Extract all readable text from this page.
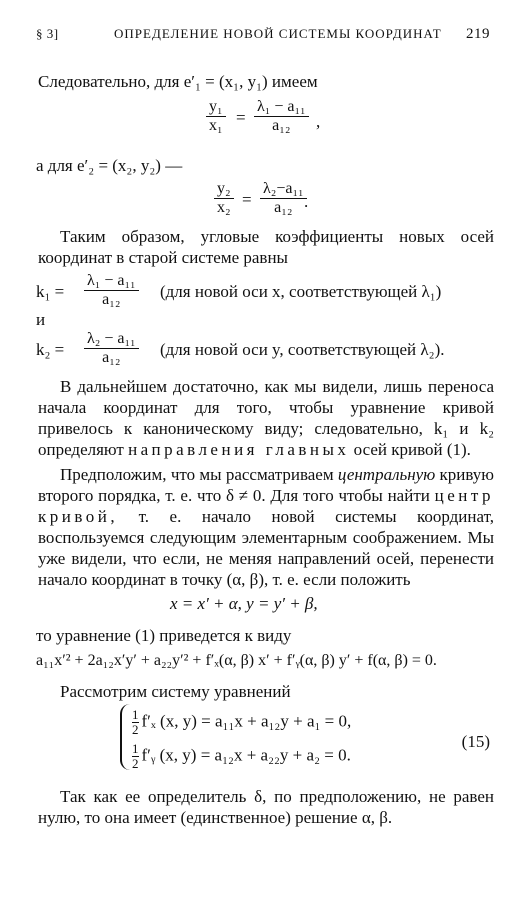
§ 3]	ОПРЕДЕЛЕНИЕ НОВОЙ СИСТЕМЫ КООРДИНАТ 219
Следовательно, для e′₁ = (x₁, y₁) имеем
$\frac{\text{y₁}}{\text{x₁}} = \frac{\text{λ₁ − a₁₁}}{\text{a₁₂}}$ ,
а для e′₂ = (x₂, y₂) —
$\frac{\text{y₂}}{\text{x₂}} = \frac{\text{λ₂−a₁₁}}{\text{a₁₂}}$
.
Таким образом, угловые коэффициенты новых осей координат в старой системе равны
$k_1 = \frac{\text{λ₁ − a₁₁}}{\text{a₁₂}} (для$ новой оси x, соответствующей λ₁)
и
$k_2 = \frac{\text{λ₂ − a₁₁}}{\text{a₁₂}} (для$ новой оси y, соответствующей λ₂).
В дальнейшем достаточно, как мы видели, лишь переноса начала координат для того, чтобы уравнение кривой привелось к каноническому виду; следовательно, k₁ и k₂ определяют направления главных осей кривой (1).
Предположим, что мы рассматриваем центральную кривую второго порядка, т. е. что δ ≠ 0. Для того чтобы найти центр кривой, т. е. начало новой системы координат, воспользуемся следующим элементарным соображением. Мы уже видели, что если, не меняя направлений осей, перенести начало координат в точку (α, β), т. е. если положить
x = x′ + α, y = y′ + β,
то уравнение (1) приведется к виду
a₁₁x′² + 2a₁₂x′y′ + a₂₂y′² + f′ₓ(α, β) x′ + f′ᵧ(α, β) y′ + f(α, β) = 0.
Рассмотрим систему уравнений
$\frac{1}{2} f'_x$ (x, y) = a₁₁x + a₁₂y + a₁ = 0,
$\frac{1}{2}$ f′ᵧ (x, y) = a₁₂x + a₂₂y + a₂ = 0.
(15)
Так как ее определитель δ, по предположению, не равен нулю, то она имеет (единственное) решение α, β.
